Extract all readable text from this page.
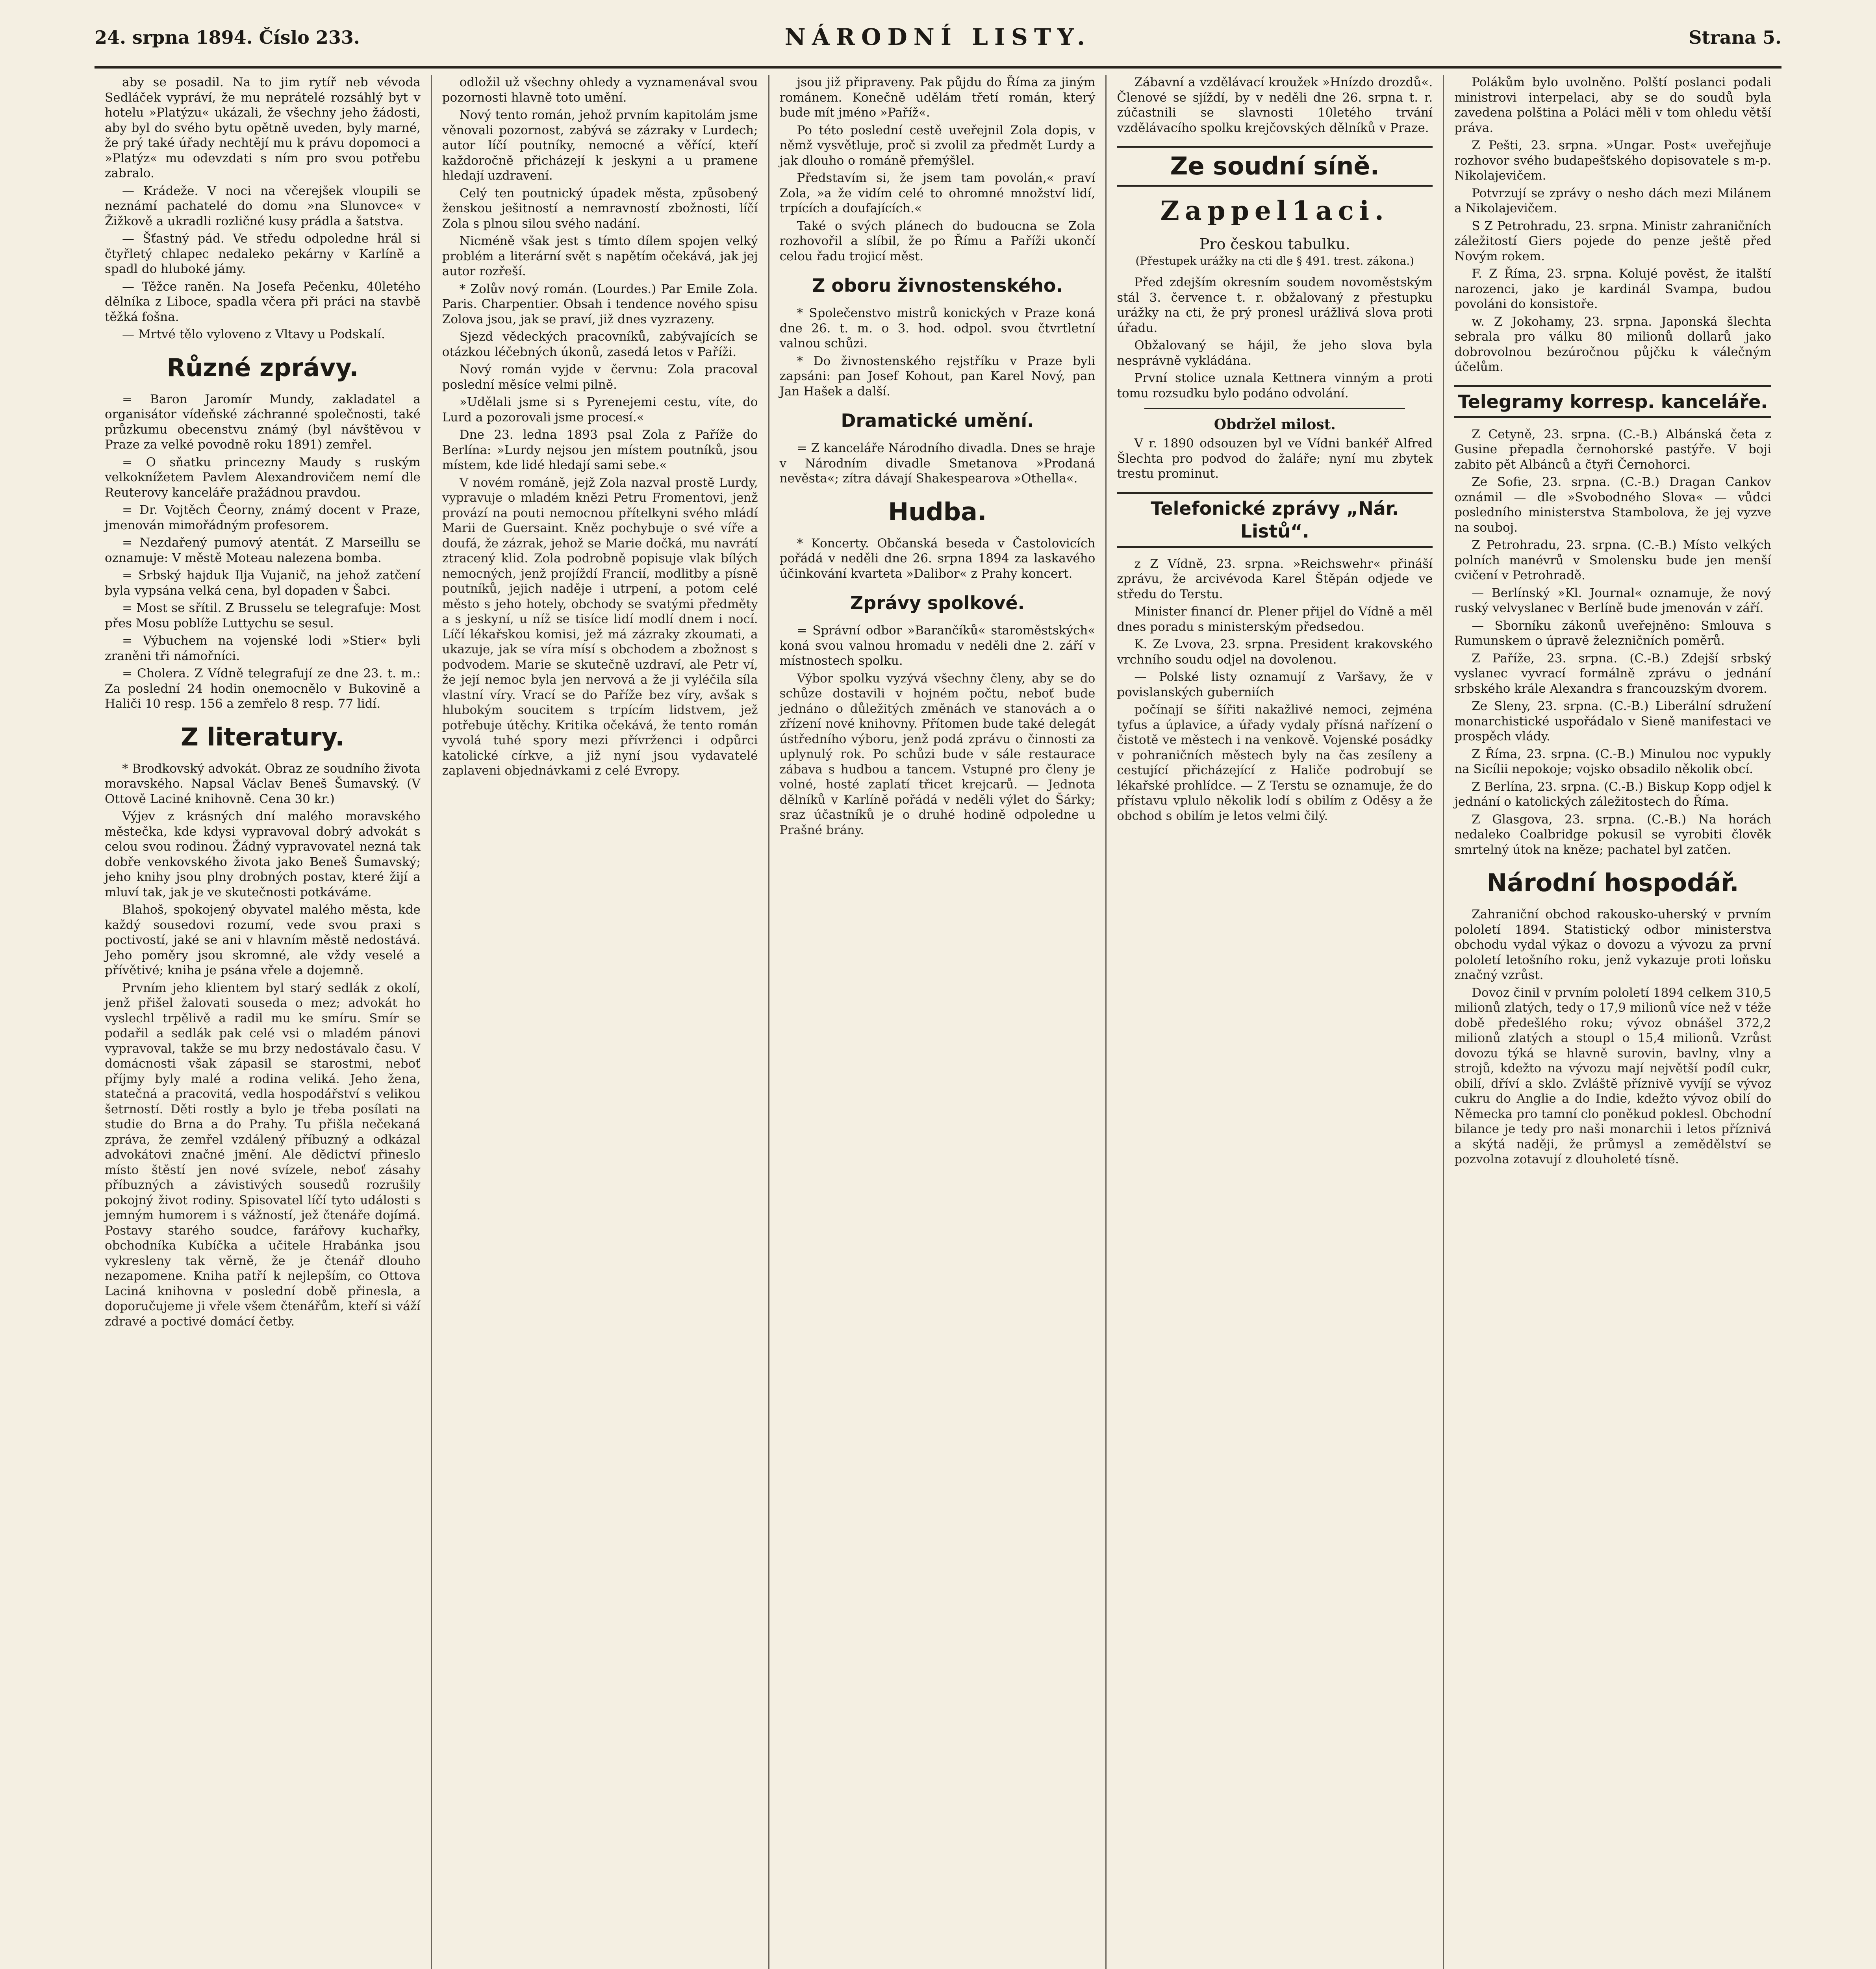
24. srpna 1894. Číslo 233.	NÁRODNÍ LISTY.	Strana 5.

aby se posadil. Na to jim rytíř neb vévoda Sedláček vypráví, že mu neprátelé rozsáhlý byt v hotelu »Platýzu« ukázali, že všechny jeho žádosti, aby byl do svého bytu opětně uveden, byly marné, že prý také úřady nechtějí mu k právu dopomoci a »Platýz« mu odevzdati s ním pro svou potřebu zabralo.

— Krádeže. V noci na včerejšek vloupili se neznámí pachatelé do domu »na Slunovce« v Žižkově a ukradli rozličné kusy prádla a šatstva.

— Šťastný pád. Ve středu odpoledne hrál si čtyřletý chlapec nedaleko pekárny v Karlíně a spadl do hluboké jámy.

— Těžce raněn. Na Josefa Pečenku, 40letého dělníka z Liboce, spadla včera při práci na stavbě těžká fošna.

— Mrtvé tělo vyloveno z Vltavy u Podskalí.

Různé zprávy.

= Baron Jaromír Mundy, zakladatel a organisátor vídeňské záchranné společnosti, také průzkumu obecenstvu známý (byl návštěvou v Praze za velké povodně roku 1891) zemřel.

= O sňatku princezny Maudy s ruským velkoknížetem Pavlem Alexandrovičem nemí dle Reuterovy kanceláře pražádnou pravdou.

= Dr. Vojtěch Čeorny, známý docent v Praze, jmenován mimořádným profesorem.

= Nezdařený pumový atentát. Z Marseillu se oznamuje: V městě Moteau nalezena bomba.

= Srbský hajduk Ilja Vujanič, na jehož zatčení byla vypsána velká cena, byl dopaden v Šabci.

= Most se sřítil. Z Brusselu se telegrafuje: Most přes Mosu poblíže Luttychu se sesul.

= Výbuchem na vojenské lodi »Stier« byli zraněni tři námořníci.

= Cholera. Z Vídně telegrafují ze dne 23. t. m.: Za poslední 24 hodin onemocnělo v Bukovině a Haliči 10 resp. 156 a zemřelo 8 resp. 77 lidí.

Z literatury.

* Brodkovský advokát. Obraz ze soudního života moravského. Napsal Václav Beneš Šumavský. (V Ottově Laciné knihovně. Cena 30 kr.)

Výjev z krásných dní malého moravského městečka, kde kdysi vypravoval dobrý advokát s celou svou rodinou. Žádný vypravovatel nezná tak dobře venkovského života jako Beneš Šumavský; jeho knihy jsou plny drobných postav, které žijí a mluví tak, jak je ve skutečnosti potkáváme.

Blahoš, spokojený obyvatel malého města, kde každý sousedovi rozumí, vede svou praxi s poctivostí, jaké se ani v hlavním městě nedostává. Jeho poměry jsou skromné, ale vždy veselé a přívětivé; kniha je psána vřele a dojemně.

Prvním jeho klientem byl starý sedlák z okolí, jenž přišel žalovati souseda o mez; advokát ho vyslechl trpělivě a radil mu ke smíru. Smír se podařil a sedlák pak celé vsi o mladém pánovi vypravoval, takže se mu brzy nedostávalo času. V domácnosti však zápasil se starostmi, neboť příjmy byly malé a rodina veliká. Jeho žena, statečná a pracovitá, vedla hospodářství s velikou šetrností. Děti rostly a bylo je třeba posílati na studie do Brna a do Prahy. Tu přišla nečekaná zpráva, že zemřel vzdálený příbuzný a odkázal advokátovi značné jmění. Ale dědictví přineslo místo štěstí jen nové svízele, neboť zásahy příbuzných a závistivých sousedů rozrušily pokojný život rodiny. Spisovatel líčí tyto události s jemným humorem i s vážností, jež čtenáře dojímá. Postavy starého soudce, farářovy kuchařky, obchodníka Kubíčka a učitele Hrabánka jsou vykresleny tak věrně, že je čtenář dlouho nezapomene. Kniha patří k nejlepším, co Ottova Laciná knihovna v poslední době přinesla, a doporučujeme ji vřele všem čtenářům, kteří si váží zdravé a poctivé domácí četby.

odložil už všechny ohledy a vyznamenával svou pozornosti hlavně toto umění.

Nový tento román, jehož prvním kapitolám jsme věnovali pozornost, zabývá se zázraky v Lurdech; autor líčí poutníky, nemocné a věřící, kteří každoročně přicházejí k jeskyni a u pramene hledají uzdravení.

Celý ten poutnický úpadek města, způsobený ženskou ješitností a nemravností zbožnosti, líčí Zola s plnou silou svého nadání.

Nicméně však jest s tímto dílem spojen velký problém a literární svět s napětím očekává, jak jej autor rozřeší.

* Zolův nový román. (Lourdes.) Par Emile Zola. Paris. Charpentier. Obsah i tendence nového spisu Zolova jsou, jak se praví, již dnes vyzrazeny.

Sjezd vědeckých pracovníků, zabývajících se otázkou léčebných úkonů, zasedá letos v Paříži.

Nový román vyjde v červnu: Zola pracoval poslední měsíce velmi pilně.

»Udělali jsme si s Pyrenejemi cestu, víte, do Lurd a pozorovali jsme procesí.«

Dne 23. ledna 1893 psal Zola z Paříže do Berlína: »Lurdy nejsou jen místem poutníků, jsou místem, kde lidé hledají sami sebe.«

V novém románě, jejž Zola nazval prostě Lurdy, vypravuje o mladém knězi Petru Fromentovi, jenž provází na pouti nemocnou přítelkyni svého mládí Marii de Guersaint. Kněz pochybuje o své víře a doufá, že zázrak, jehož se Marie dočká, mu navrátí ztracený klid. Zola podrobně popisuje vlak bílých nemocných, jenž projíždí Francií, modlitby a písně poutníků, jejich naděje i utrpení, a potom celé město s jeho hotely, obchody se svatými předměty a s jeskyní, u níž se tisíce lidí modlí dnem i nocí. Líčí lékařskou komisi, jež má zázraky zkoumati, a ukazuje, jak se víra mísí s obchodem a zbožnost s podvodem. Marie se skutečně uzdraví, ale Petr ví, že její nemoc byla jen nervová a že ji vyléčila síla vlastní víry. Vrací se do Paříže bez víry, avšak s hlubokým soucitem s trpícím lidstvem, jež potřebuje útěchy. Kritika očekává, že tento román vyvolá tuhé spory mezi přívrženci i odpůrci katolické církve, a již nyní jsou vydavatelé zaplaveni objednávkami z celé Evropy.

jsou již připraveny. Pak půjdu do Říma za jiným románem. Konečně udělám třetí román, který bude mít jméno »Paříž«.

Po této poslední cestě uveřejnil Zola dopis, v němž vysvětluje, proč si zvolil za předmět Lurdy a jak dlouho o románě přemýšlel.

Představím si, že jsem tam povolán,« praví Zola, »a že vidím celé to ohromné množství lidí, trpících a doufajících.«

Také o svých plánech do budoucna se Zola rozhovořil a slíbil, že po Římu a Paříži ukončí celou řadu trojicí měst.

Z oboru živnostenského.

* Společenstvo mistrů konických v Praze koná dne 26. t. m. o 3. hod. odpol. svou čtvrtletní valnou schůzi.

* Do živnostenského rejstříku v Praze byli zapsáni: pan Josef Kohout, pan Karel Nový, pan Jan Hašek a další.

Dramatické umění.

= Z kanceláře Národního divadla. Dnes se hraje v Národním divadle Smetanova »Prodaná nevěsta«; zítra dávají Shakespearova »Othella«.

Hudba.

* Koncerty. Občanská beseda v Častolovicích pořádá v neděli dne 26. srpna 1894 za laskavého účinkování kvarteta »Dalibor« z Prahy koncert.

Zprávy spolkové.

= Správní odbor »Barančíků« staroměstských« koná svou valnou hromadu v neděli dne 2. září v místnostech spolku.

Výbor spolku vyzývá všechny členy, aby se do schůze dostavili v hojném počtu, neboť bude jednáno o důležitých změnách ve stanovách a o zřízení nové knihovny. Přítomen bude také delegát ústředního výboru, jenž podá zprávu o činnosti za uplynulý rok. Po schůzi bude v sále restaurace zábava s hudbou a tancem. Vstupné pro členy je volné, hosté zaplatí třicet krejcarů. — Jednota dělníků v Karlíně pořádá v neděli výlet do Šárky; sraz účastníků je o druhé hodině odpoledne u Prašné brány.

Zábavní a vzdělávací kroužek »Hnízdo drozdů«. Členové se sjíždí, by v neděli dne 26. srpna t. r. zúčastnili se slavnosti 10letého trvání vzdělávacího spolku krejčovských dělníků v Praze.

Ze soudní síně.
Zappel1aci.

Pro českou tabulku.

(Přestupek urážky na cti dle § 491. trest. zákona.)

Před zdejším okresním soudem novoměstským stál 3. července t. r. obžalovaný z přestupku urážky na cti, že prý pronesl urážlivá slova proti úřadu.

Obžalovaný se hájil, že jeho slova byla nesprávně vykládána.

První stolice uznala Kettnera vinným a proti tomu rozsudku bylo podáno odvolání.

Obdržel milost.

V r. 1890 odsouzen byl ve Vídni bankéř Alfred Šlechta pro podvod do žaláře; nyní mu zbytek trestu prominut.

Telefonické zprávy „Nár. Listů“.

z Z Vídně, 23. srpna. »Reichswehr« přináší zprávu, že arcivévoda Karel Štěpán odjede ve středu do Terstu.

Minister financí dr. Plener přijel do Vídně a měl dnes poradu s ministerským předsedou.

K. Ze Lvova, 23. srpna. President krakovského vrchního soudu odjel na dovolenou.

— Polské listy oznamují z Varšavy, že v povislanských guberniích

počínají se šířiti nakažlivé nemoci, zejména tyfus a úplavice, a úřady vydaly přísná nařízení o čistotě ve městech i na venkově. Vojenské posádky v pohraničních městech byly na čas zesíleny a cestující přicházející z Haliče podrobují se lékařské prohlídce. — Z Terstu se oznamuje, že do přístavu vplulo několik lodí s obilím z Oděsy a že obchod s obilím je letos velmi čilý.

Polákům bylo uvolněno. Polští poslanci podali ministrovi interpelaci, aby se do soudů byla zavedena polština a Poláci měli v tom ohledu větší práva.

Z Pešti, 23. srpna. »Ungar. Post« uveřejňuje rozhovor svého budapešťského dopisovatele s m-p. Nikolajevičem.

Potvrzují se zprávy o nesho dách mezi Milánem a Nikolajevičem.

S Z Petrohradu, 23. srpna. Ministr zahraničních záležitostí Giers pojede do penze ještě před Novým rokem.

F. Z Říma, 23. srpna. Kolujé pověst, že italští narozenci, jako je kardinál Svampa, budou povoláni do konsistoře.

w. Z Jokohamy, 23. srpna. Japonská šlechta sebrala pro válku 80 milionů dollarů jako dobrovolnou bezúročnou půjčku k válečným účelům.

Telegramy korresp. kanceláře.

Z Cetyně, 23. srpna. (C.-B.) Albánská četa z Gusine přepadla černohorské pastýře. V boji zabito pět Albánců a čtyři Černohorci.

Ze Sofie, 23. srpna. (C.-B.) Dragan Cankov oznámil — dle »Svobodného Slova« — vůdci posledního ministerstva Stambolova, že jej vyzve na souboj.

Z Petrohradu, 23. srpna. (C.-B.) Místo velkých polních manévrů v Smolensku bude jen menší cvičení v Petrohradě.

— Berlínský »Kl. Journal« oznamuje, že nový ruský velvyslanec v Berlíně bude jmenován v září.

— Sborníku zákonů uveřejněno: Smlouva s Rumunskem o úpravě železničních poměrů.

Z Paříže, 23. srpna. (C.-B.) Zdejší srbský vyslanec vyvrací formálně zprávu o jednání srbského krále Alexandra s francouzským dvorem.

Ze Sleny, 23. srpna. (C.-B.) Liberální sdružení monarchistické uspořádalo v Sieně manifestaci ve prospěch vlády.

Z Říma, 23. srpna. (C.-B.) Minulou noc vypukly na Sicílii nepokoje; vojsko obsadilo několik obcí.

Z Berlína, 23. srpna. (C.-B.) Biskup Kopp odjel k jednání o katolických záležitostech do Říma.

Z Glasgova, 23. srpna. (C.-B.) Na horách nedaleko Coalbridge pokusil se vyrobiti člověk smrtelný útok na kněze; pachatel byl zatčen.

Národní hospodář.

Zahraniční obchod rakousko-uherský v prvním pololetí 1894. Statistický odbor ministerstva obchodu vydal výkaz o dovozu a vývozu za první pololetí letošního roku, jenž vykazuje proti loňsku značný vzrůst.

Dovoz činil v prvním pololetí 1894 celkem 310,5 milionů zlatých, tedy o 17,9 milionů více než v téže době předešlého roku; vývoz obnášel 372,2 milionů zlatých a stoupl o 15,4 milionů. Vzrůst dovozu týká se hlavně surovin, bavlny, vlny a strojů, kdežto na vývozu mají největší podíl cukr, obilí, dříví a sklo. Zvláště příznivě vyvíjí se vývoz cukru do Anglie a do Indie, kdežto vývoz obilí do Německa pro tamní clo poněkud poklesl. Obchodní bilance je tedy pro naši monarchii i letos příznivá a skýtá naději, že průmysl a zemědělství se pozvolna zotavují z dlouholeté tísně.
